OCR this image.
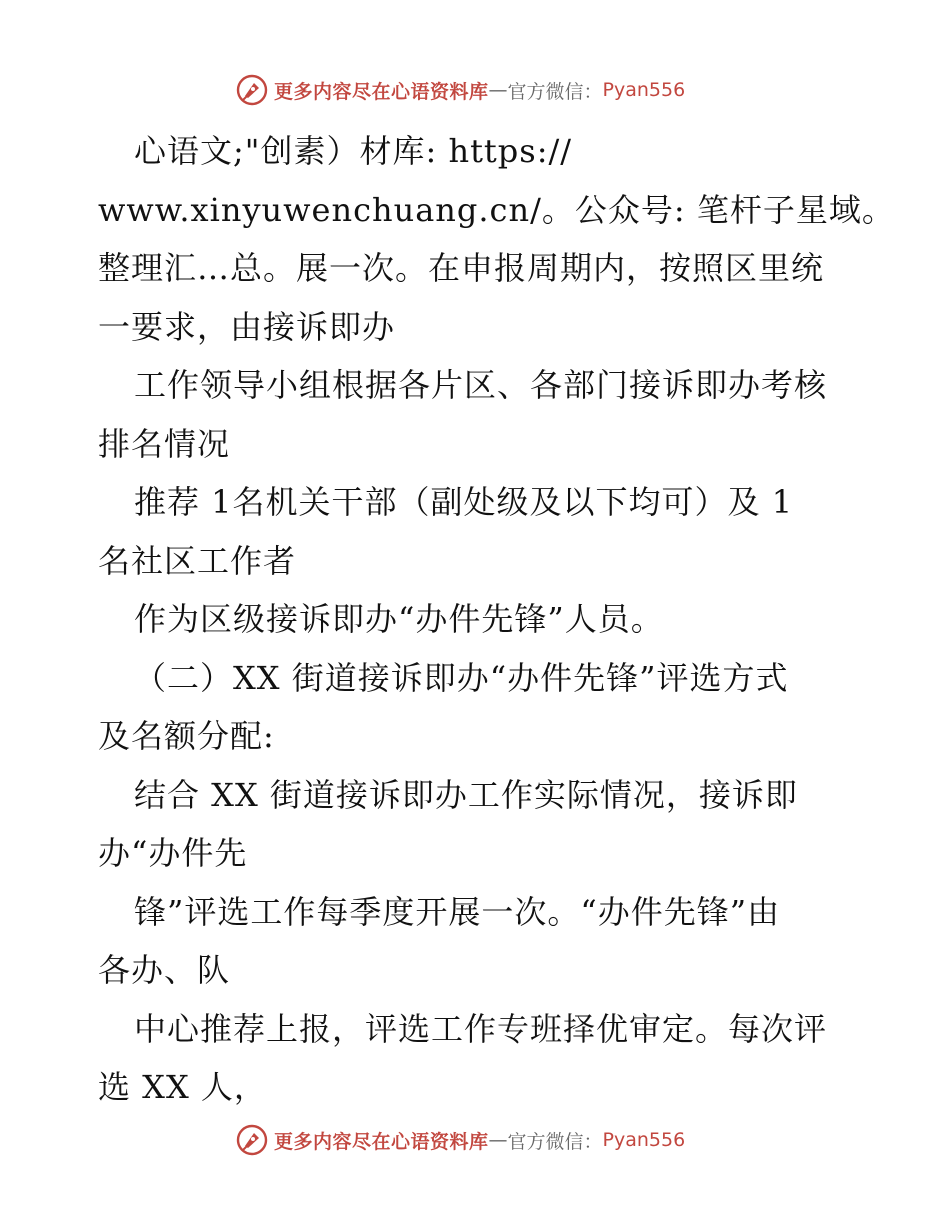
更多内容尽在心语资料库 — 官方微信： Pyan556
心语文;"创素）材库: https://
www.xinyuwenchuang.cn/。公众号: 笔杆子星域。
整理汇…总。展一次。在申报周期内，按照区里统
一要求，由接诉即办
工作领导小组根据各片区、各部门接诉即办考核
排名情况
推荐 1名机关干部（副处级及以下均可）及 1
名社区工作者
作为区级接诉即办“办件先锋”人员。
（二）XX 街道接诉即办“办件先锋”评选方式
及名额分配:
结合 XX 街道接诉即办工作实际情况，接诉即
办“办件先
锋”评选工作每季度开展一次。“办件先锋”由
各办、队
中心推荐上报，评选工作专班择优审定。每次评
选 XX 人，
更多内容尽在心语资料库 — 官方微信： Pyan556
